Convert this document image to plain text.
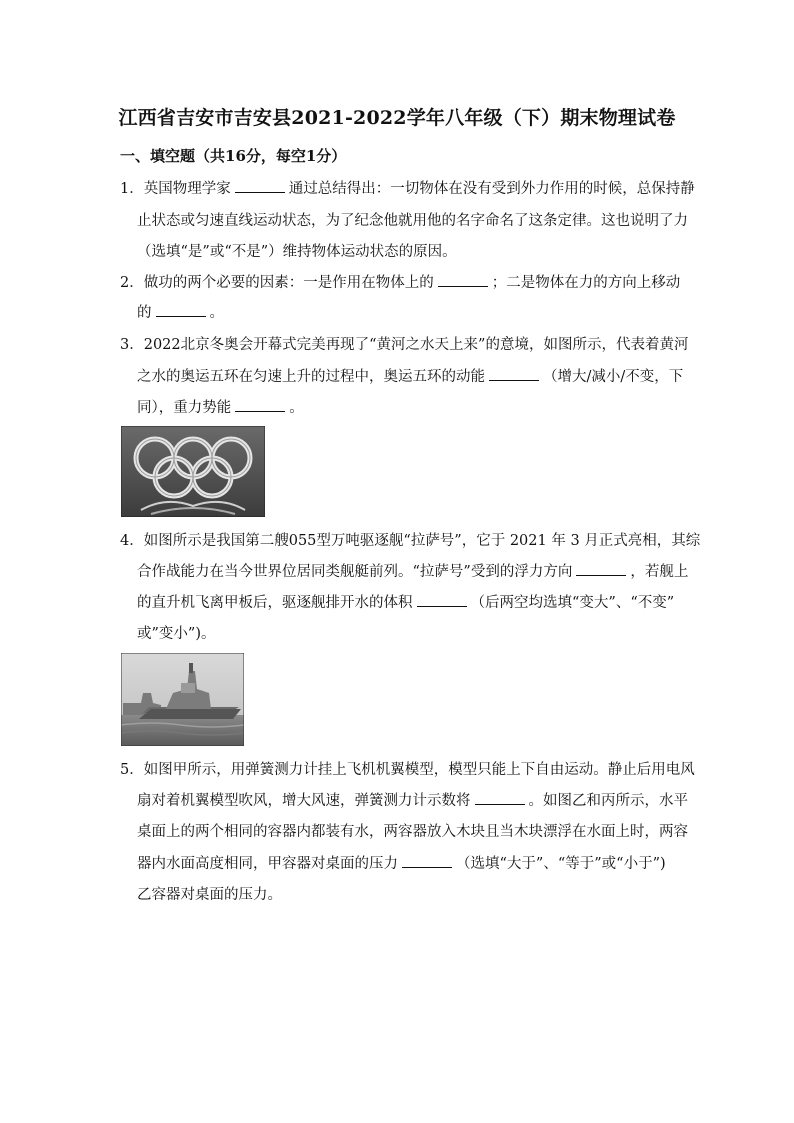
江西省吉安市吉安县2021-2022学年八年级（下）期末物理试卷
一、填空题（共16分，每空1分）
1．英国物理学家	通过总结得出：一切物体在没有受到外力作用的时候，总保持静
止状态或匀速直线运动状态，为了纪念他就用他的名字命名了这条定律。这也说明了力
（选填“是”或“不是”）维持物体运动状态的原因。
2．做功的两个必要的因素：一是作用在物体上的	；二是物体在力的方向上移动
的	。
3．2022北京冬奥会开幕式完美再现了“黄河之水天上来”的意境，如图所示，代表着黄河
之水的奥运五环在匀速上升的过程中，奥运五环的动能	（增大/减小/不变，下
同），重力势能	。
4．如图所示是我国第二艘055型万吨驱逐舰“拉萨号”，它于 2021 年 3 月正式亮相，其综
合作战能力在当今世界位居同类舰艇前列。“拉萨号”受到的浮力方向	，若舰上
的直升机飞离甲板后，驱逐舰排开水的体积	（后两空均选填“变大”、“不变”
或”变小”)。
5．如图甲所示，用弹簧测力计挂上飞机机翼模型，模型只能上下自由运动。静止后用电风
扇对着机翼模型吹风，增大风速，弹簧测力计示数将	。如图乙和丙所示，水平
桌面上的两个相同的容器内都装有水，两容器放入木块且当木块漂浮在水面上时，两容
器内水面高度相同，甲容器对桌面的压力	（选填“大于”、“等于”或“小于”)
乙容器对桌面的压力。
